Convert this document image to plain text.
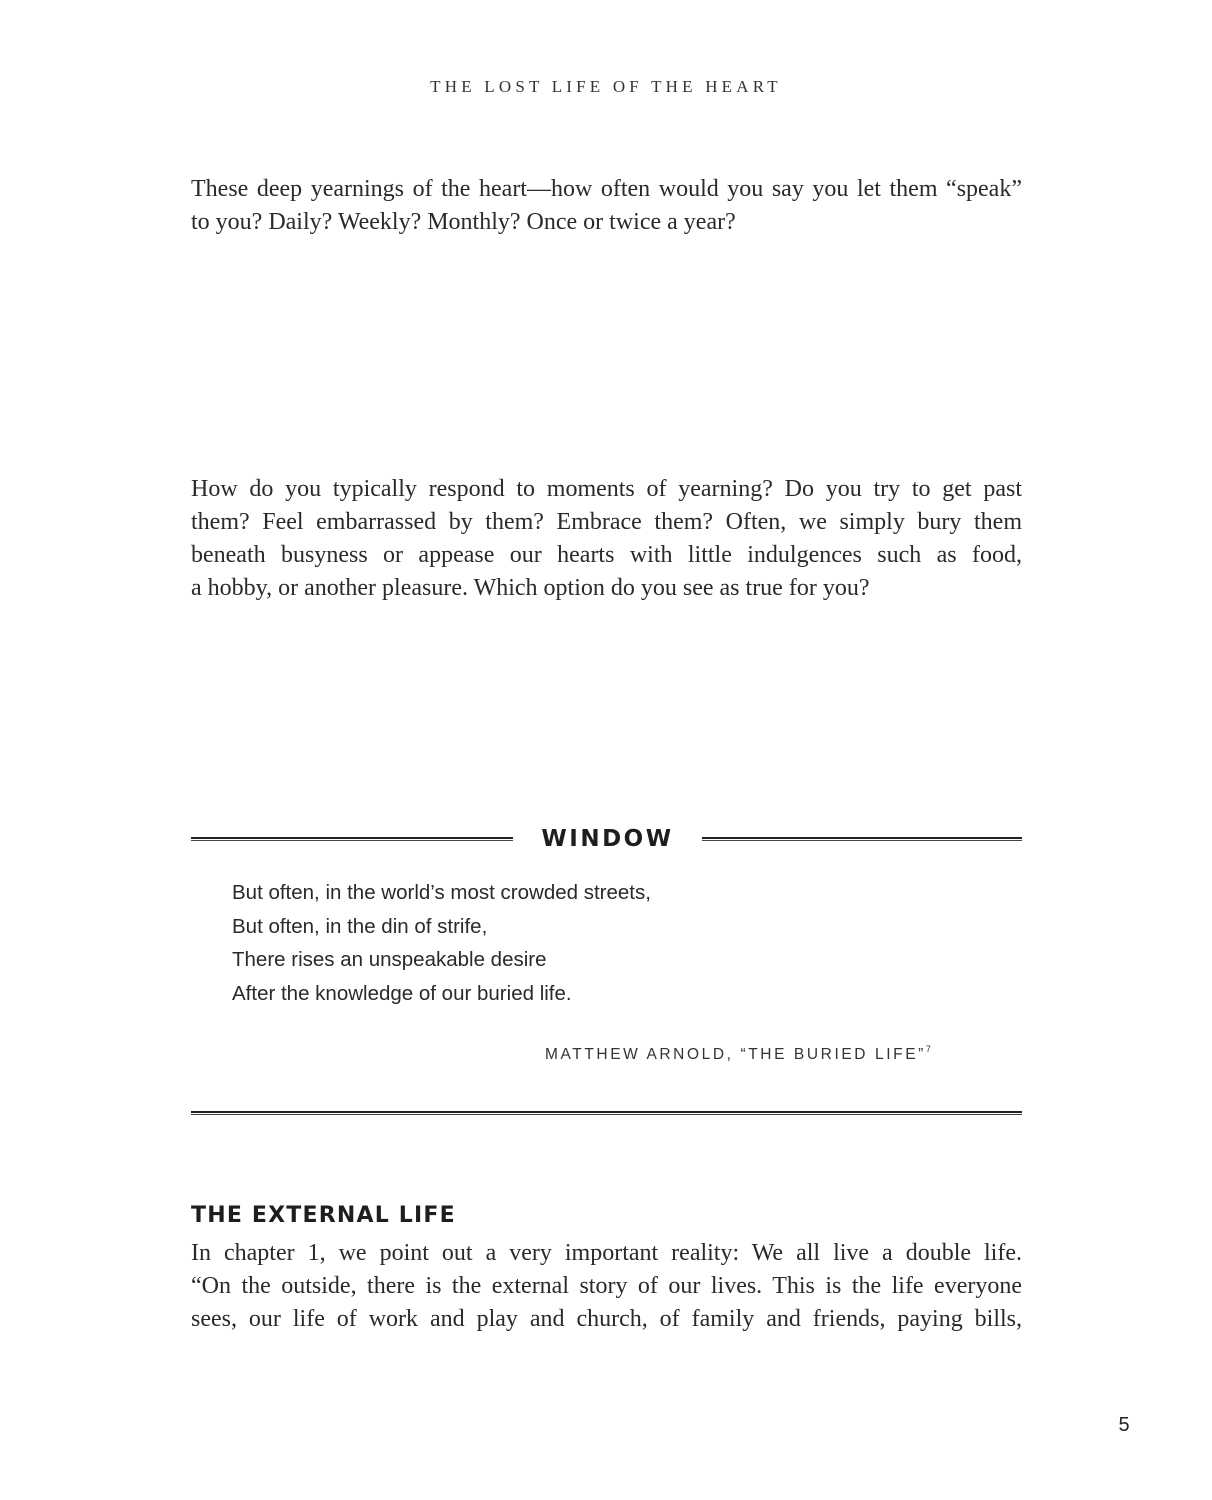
THE LOST LIFE OF THE HEART

These deep yearnings of the heart—how often would you say you let them “speak”
to you? Daily? Weekly? Monthly? Once or twice a year?

How do you typically respond to moments of yearning? Do you try to get past
them? Feel embarrassed by them? Embrace them? Often, we simply bury them
beneath busyness or appease our hearts with little indulgences such as food,
a hobby, or another pleasure. Which option do you see as true for you?

WINDOW

But often, in the world’s most crowded streets,
But often, in the din of strife,
There rises an unspeakable desire
After the knowledge of our buried life.

MATTHEW ARNOLD, “THE BURIED LIFE”$^7$
THE EXTERNAL LIFE

In chapter 1, we point out a very important reality: We all live a double life.
“On the outside, there is the external story of our lives. This is the life everyone
sees, our life of work and play and church, of family and friends, paying bills,

5
